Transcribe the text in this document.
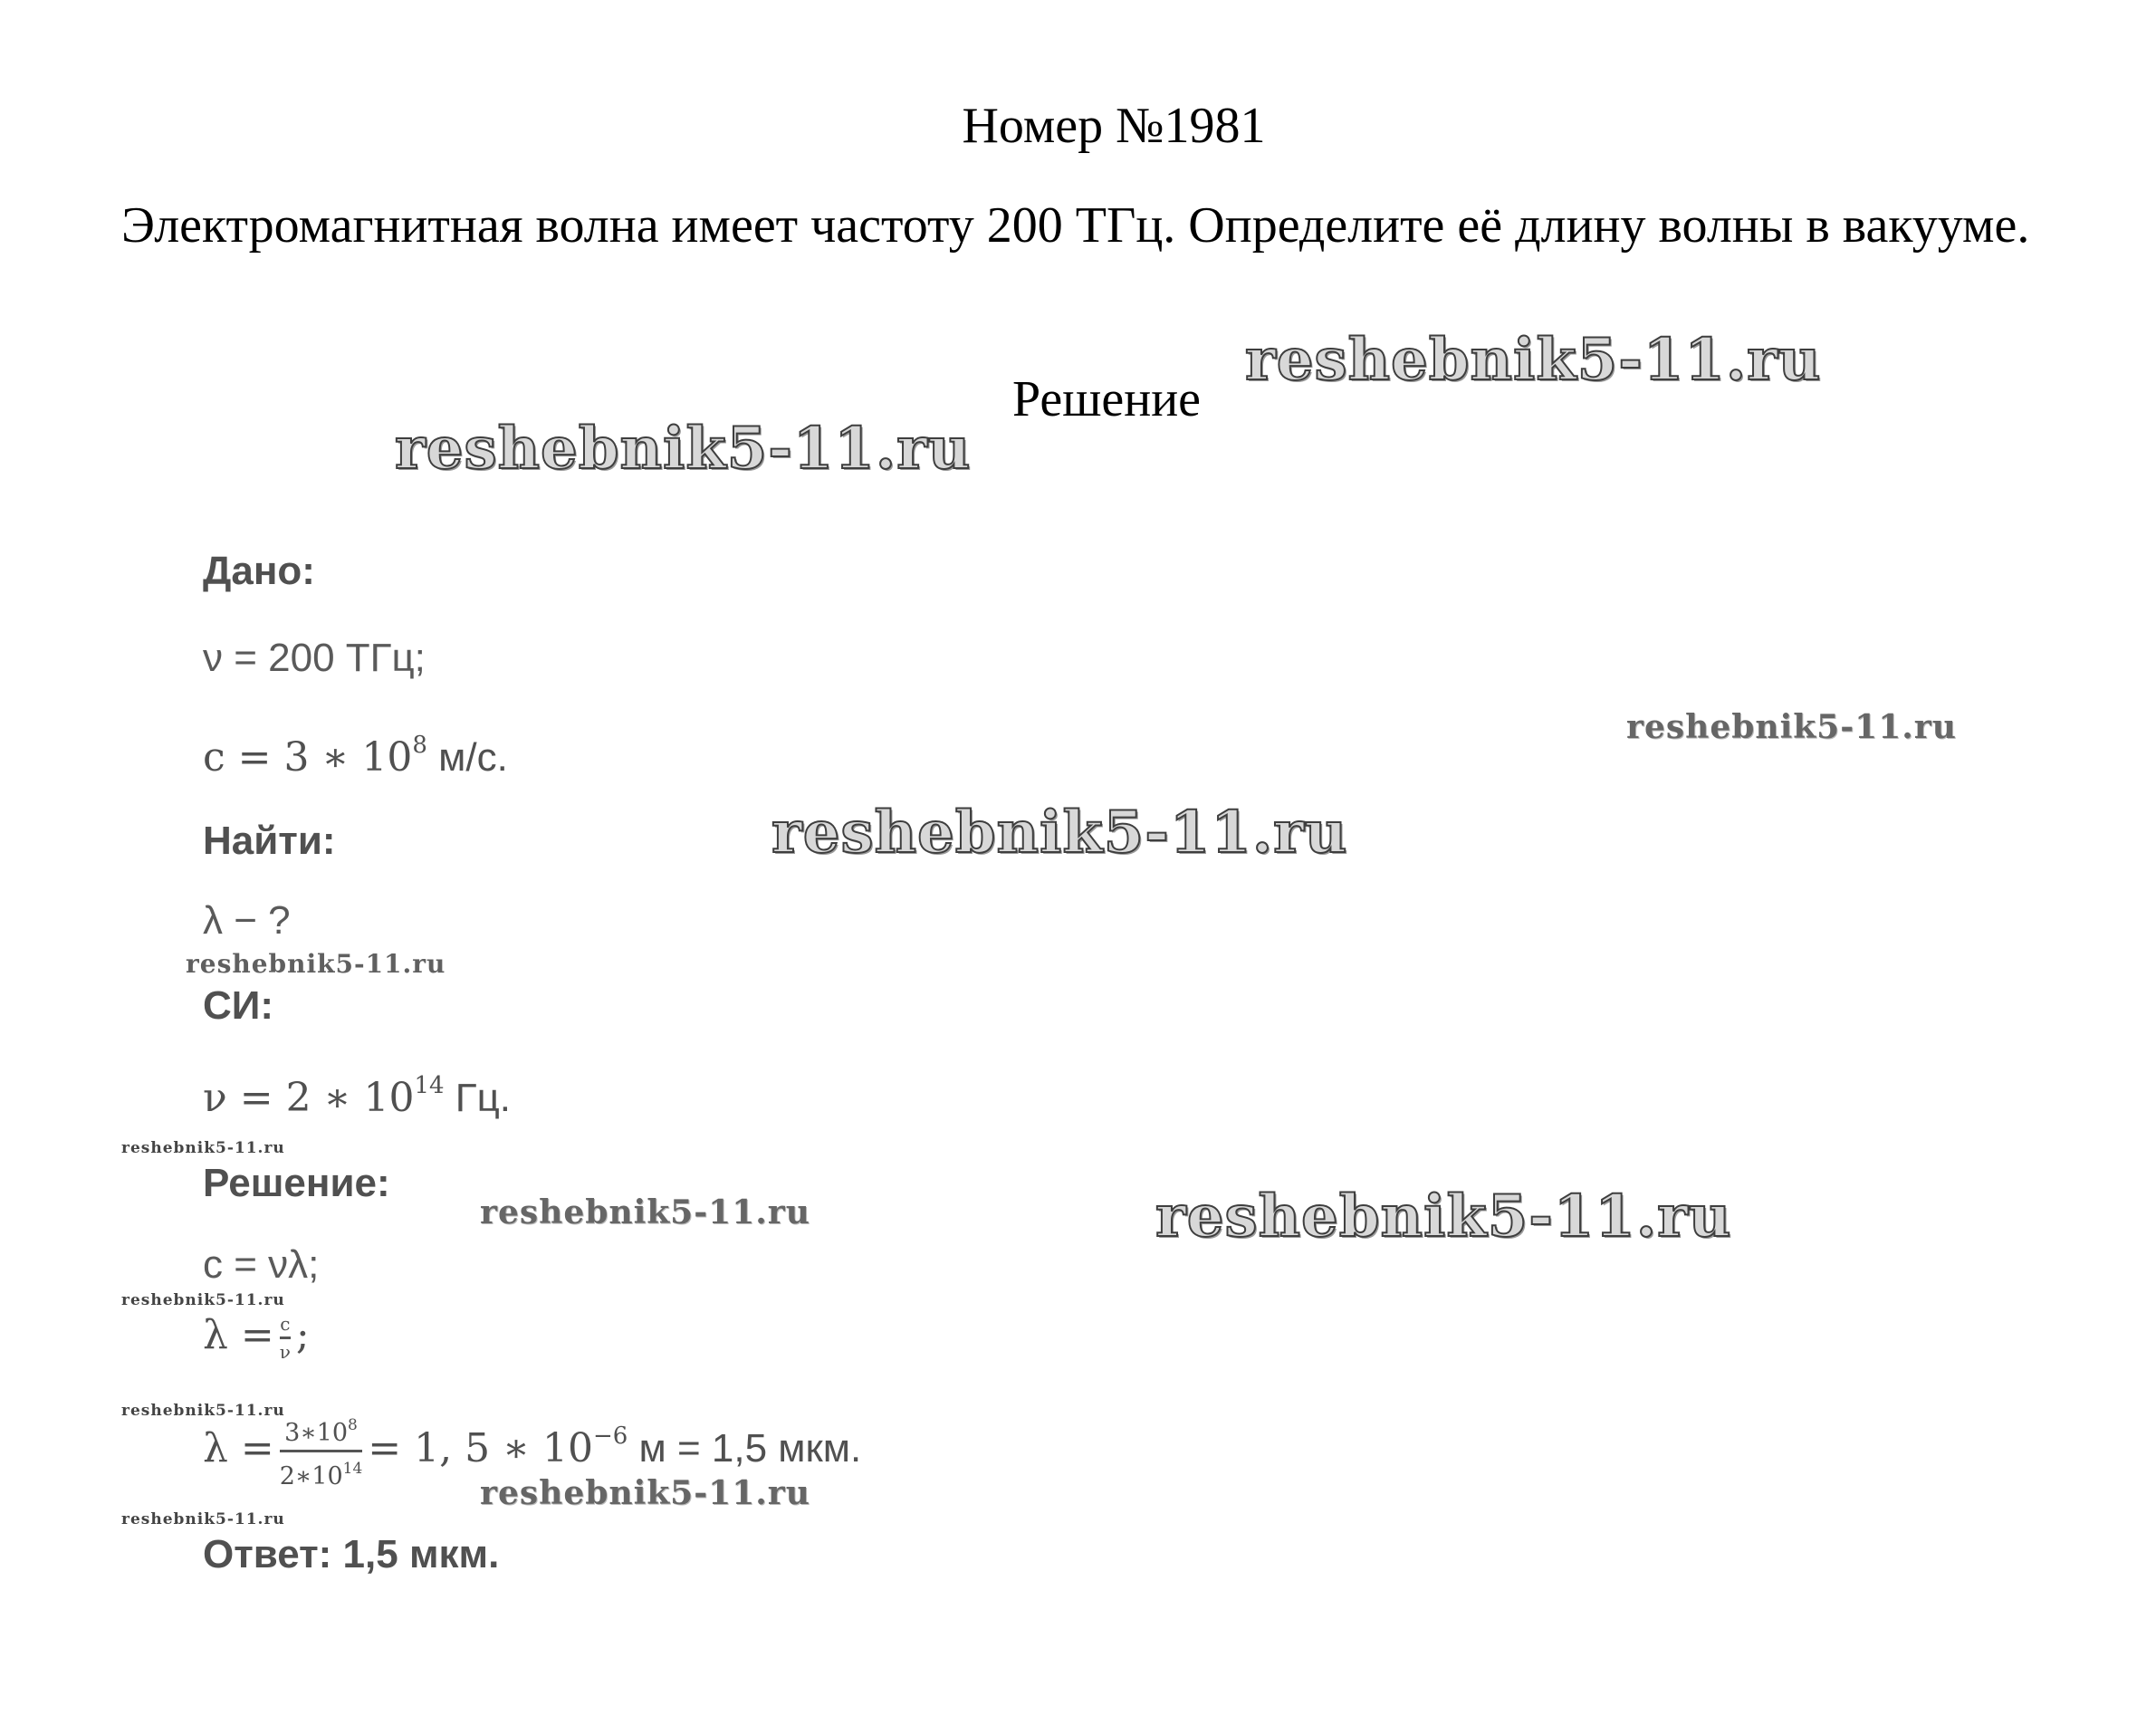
Номер №1981
Электромагнитная волна имеет частоту 200 ТГц. Определите её длину волны в вакууме.
Решение
reshebnik5-11.ru
reshebnik5-11.ru
reshebnik5-11.ru
reshebnik5-11.ru
reshebnik5-11.ru
reshebnik5-11.ru
reshebnik5-11.ru	reshebnik5-11.ru
reshebnik5-11.ru
reshebnik5-11.ru
reshebnik5-11.ru
reshebnik5-11.ru
Дано:
ν = 200 ТГц;
c = 3 ∗ $10^8$ м/с.
Найти:
λ − ?
СИ:
ν = 2 ∗ $10^{14}$ Гц.
Решение:
c = νλ;
$\lambda = \frac{c}{\nu}$ ;
$\lambda = \frac{3∗10^8}{2∗10^{14}} = 1$, 5 ∗ $10^{-6}$ м = 1,5 мкм.
Ответ: 1,5 мкм.
